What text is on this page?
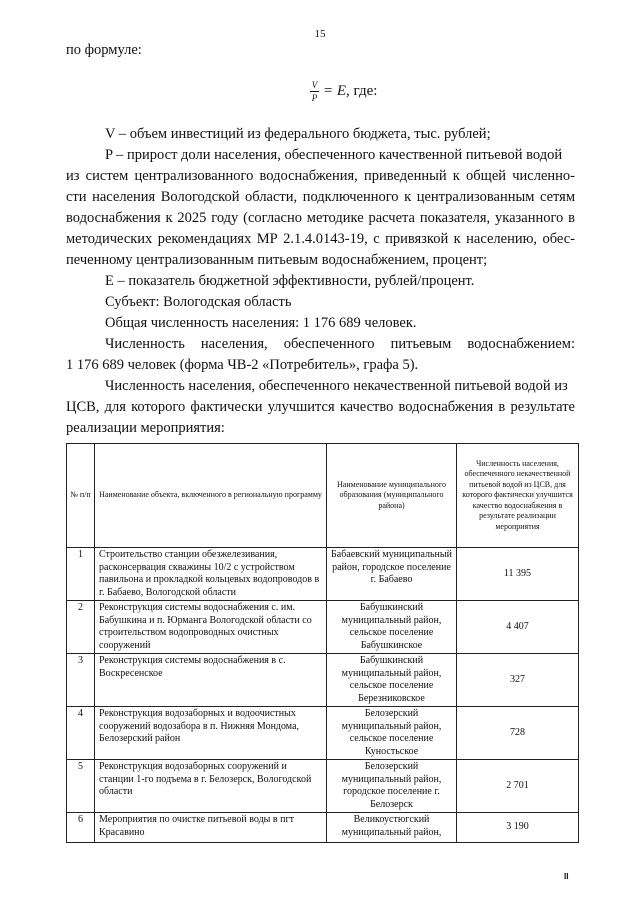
15

по формуле:

$\frac{V}{P} = E$,
где:

V – объем инвестиций из федерального бюджета, тыс. рублей;

P – прирост доли населения, обеспеченного качественной питьевой водой

из систем централизованного водоснабжения, приведенный к общей численно-

сти населения Вологодской области, подключенного к централизованным сетям

водоснабжения к 2025 году (согласно методике расчета показателя, указанного в

методических рекомендациях МР 2.1.4.0143-19, с привязкой к населению, обес-

печенному централизованным питьевым водоснабжением, процент;

E – показатель бюджетной эффективности, рублей/процент.

Субъект: Вологодская область

Общая численность населения: 1 176 689 человек.

Численность населения, обеспеченного питьевым водоснабжением:

1 176 689 человек (форма ЧВ-2 «Потребитель», графа 5).

Численность населения, обеспеченного некачественной питьевой водой из

ЦСВ, для которого фактически улучшится качество водоснабжения в результате

реализации мероприятия:

№ п/п	Наименование объекта, включенного в региональную программу	Наименование муниципального образования (муниципального района)	Численность населения, обеспеченного некачественной питьевой водой из ЦСВ, для которого фактически улучшится качество водоснабжения в результате реализации мероприятия
1	Строительство станции обезжелезивания, расконсервация скважины 10/2 с устройством павильона и прокладкой кольцевых водопроводов в г. Бабаево, Вологодской области	Бабаевский муниципальный район, городское поселение г. Бабаево	11 395
2	Реконструкция системы водоснабжения с. им. Бабушкина и п. Юрманга Вологодской области со строительством водопроводных очистных сооружений	Бабушкинский муниципальный район, сельское поселение Бабушкинское	4 407
3	Реконструкция системы водоснабжения в с. Воскресенское	Бабушкинский муниципальный район, сельское поселение Березниковское	327
4	Реконструкция водозаборных и водоочистных сооружений водозабора в п. Нижняя Мондома, Белозерский район	Белозерский муниципальный район, сельское поселение Куностьское	728
5	Реконструкция водозаборных сооружений и станции 1-го подъема в г. Белозерск, Вологодской области	Белозерский муниципальный район, городское поселение г. Белозерск	2 701
6	Мероприятия по очистке питьевой воды в пгт Красавино	Великоустюгский муниципальный район,	3 190
ll
